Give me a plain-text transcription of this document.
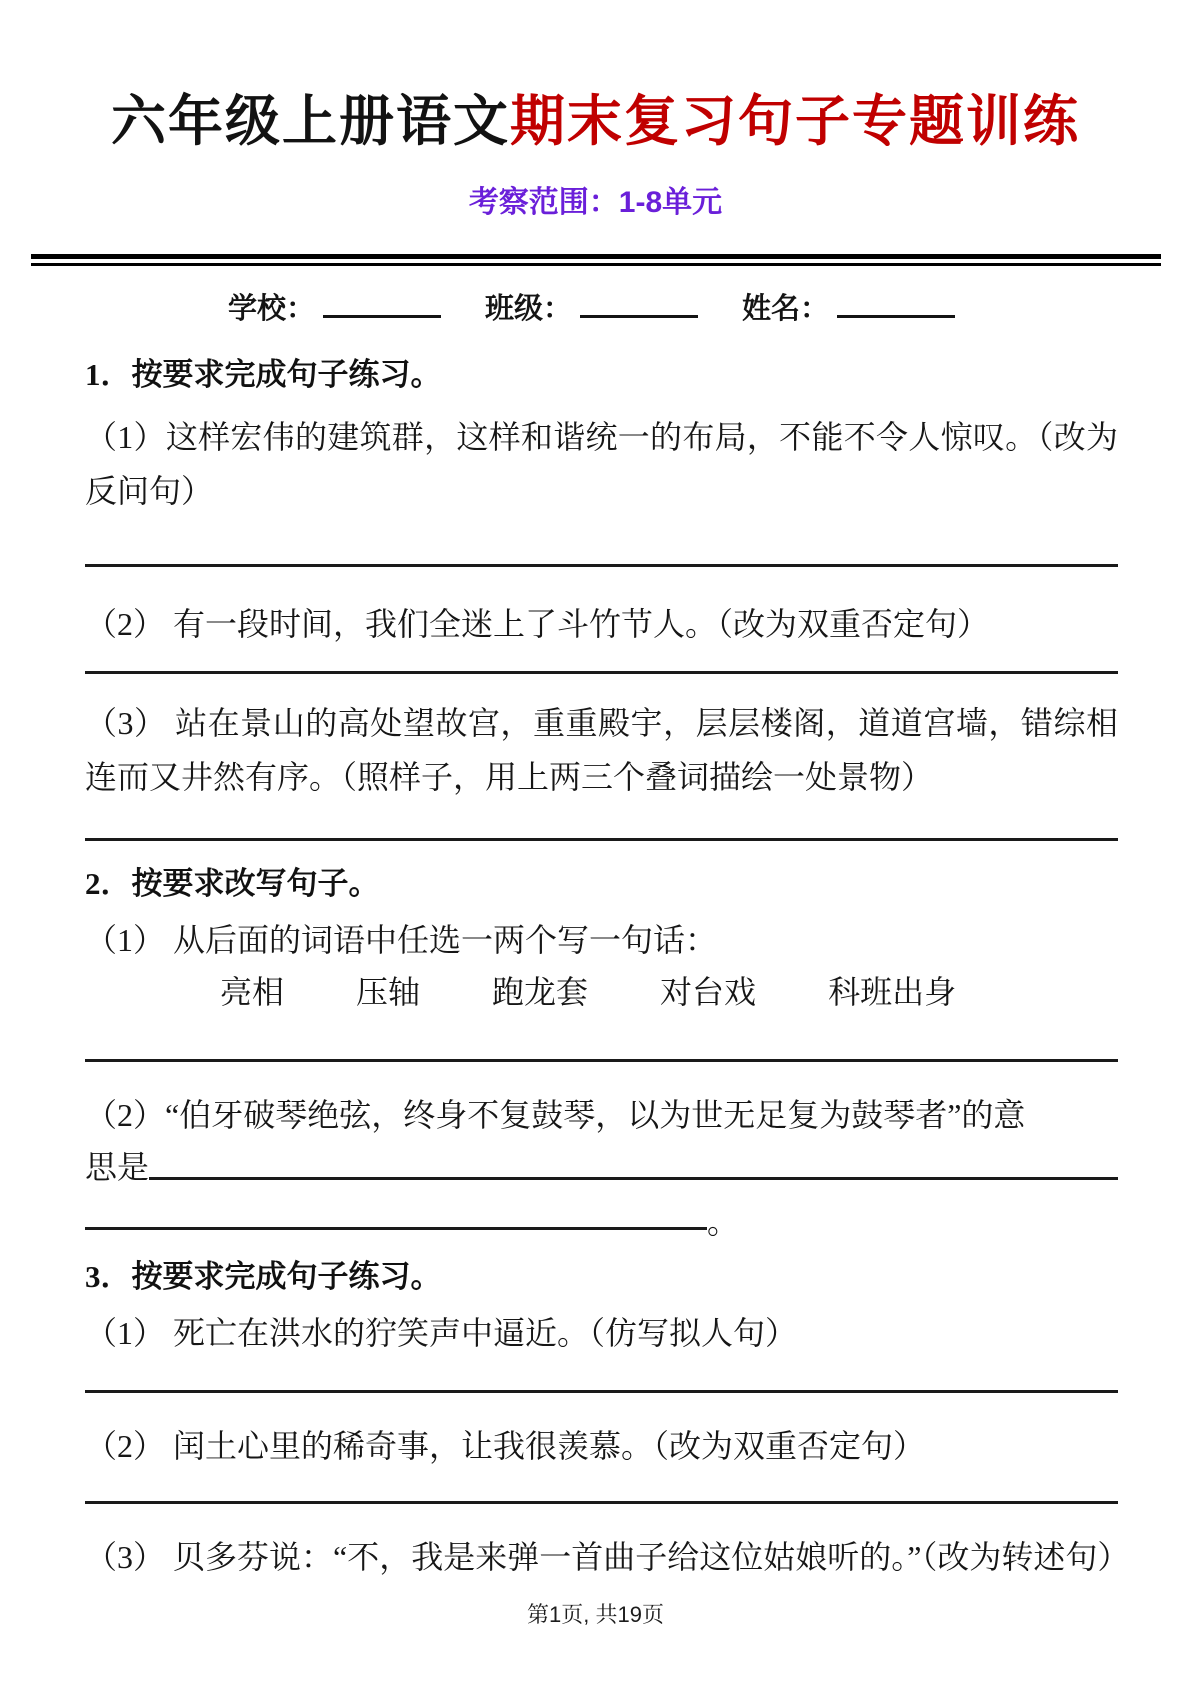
六年级上册语文期末复习句子专题训练
考察范围：1-8单元
学校：	班级：	姓名：
1．按要求完成句子练习。

（1）这样宏伟的建筑群，这样和谐统一的布局，不能不令人惊叹。（改为反问句）

（2） 有一段时间，我们全迷上了斗竹节人。（改为双重否定句）

（3） 站在景山的高处望故宫，重重殿宇，层层楼阁，道道宫墙，错综相连而又井然有序。（照样子，用上两三个叠词描绘一处景物）

2．按要求改写句子。

（1） 从后面的词语中任选一两个写一句话：

亮相 压轴 跑龙套 对台戏 科班出身

（2）“伯牙破琴绝弦，终身不复鼓琴，以为世无足复为鼓琴者”的意

思是
。
3．按要求完成句子练习。

（1） 死亡在洪水的狞笑声中逼近。（仿写拟人句）

（2） 闰土心里的稀奇事，让我很羡慕。（改为双重否定句）

（3） 贝多芬说：“不，我是来弹一首曲子给这位姑娘听的。”（改为转述句）

第1页, 共19页
